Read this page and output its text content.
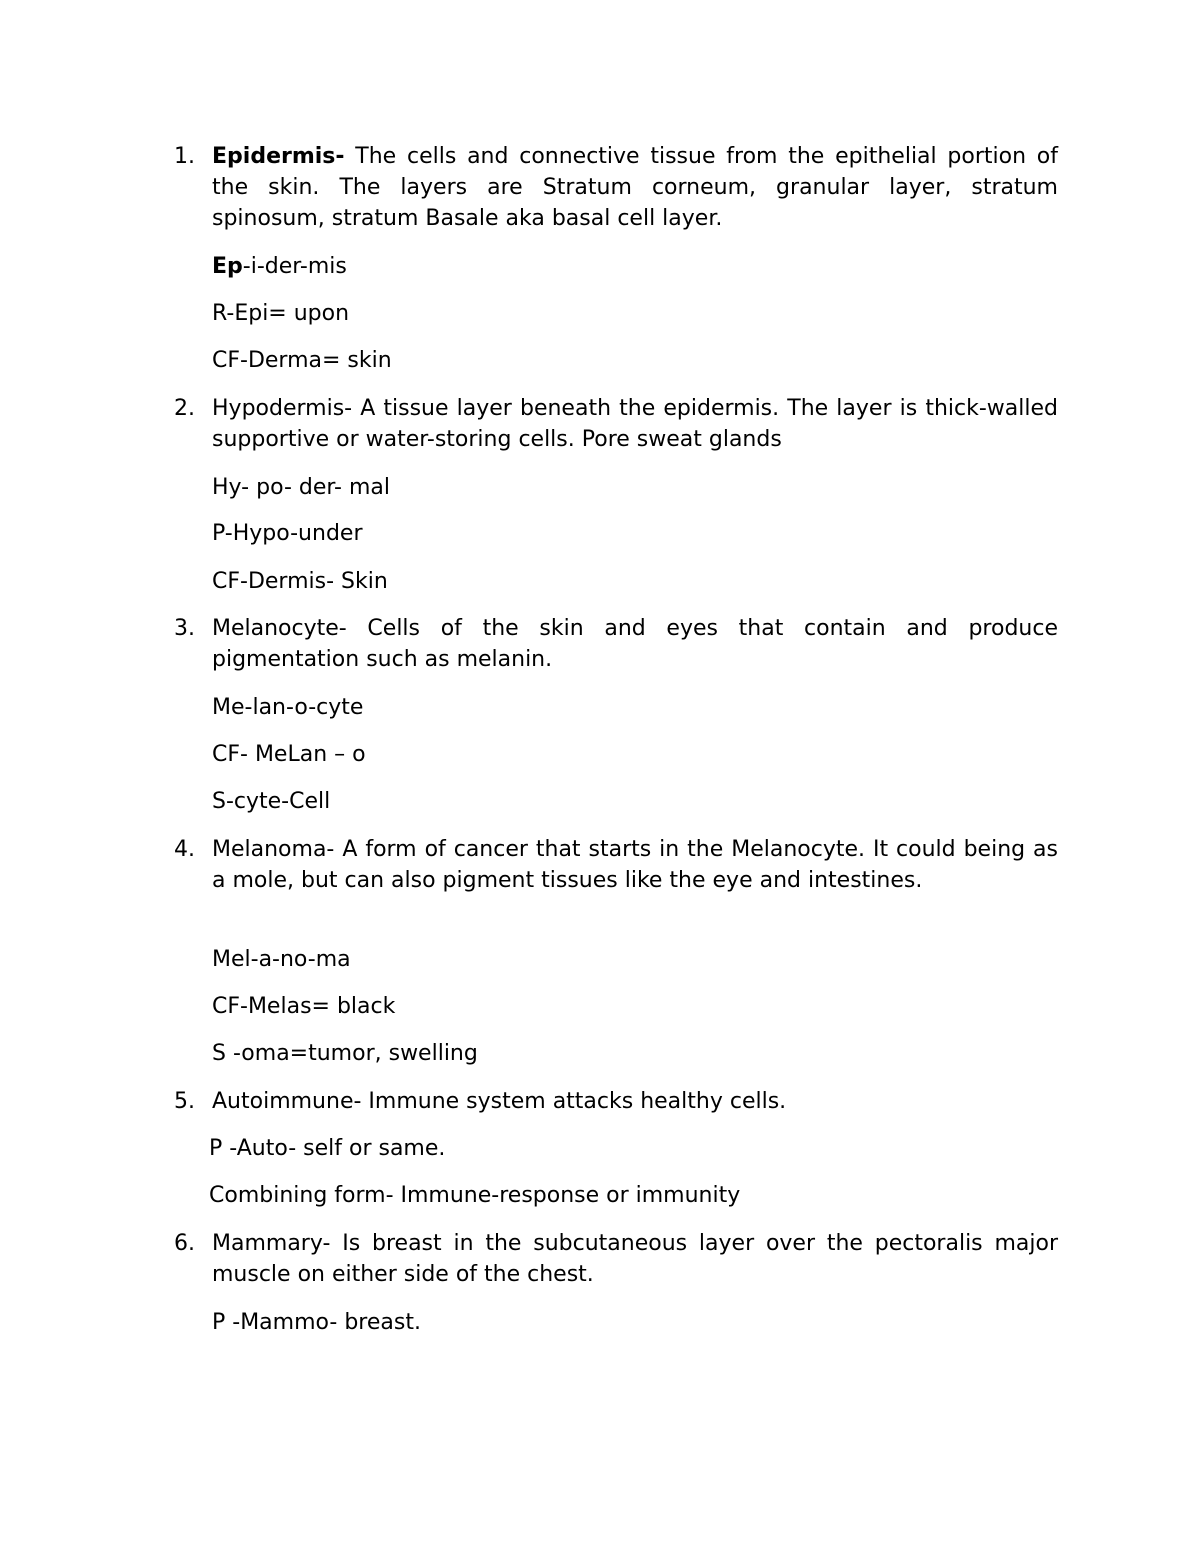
1. Epidermis- The cells and connective tissue from the epithelial portion of the skin. The layers are Stratum corneum, granular layer, stratum spinosum, stratum Basale aka basal cell layer.
Ep-i-der-mis
R-Epi= upon
CF-Derma= skin
2. Hypodermis- A tissue layer beneath the epidermis. The layer is thick-walled supportive or water-storing cells. Pore sweat glands
Hy- po- der- mal
P-Hypo-under
CF-Dermis- Skin
3. Melanocyte- Cells of the skin and eyes that contain and produce pigmentation such as melanin.
Me-lan-o-cyte
CF- MeLan – o
S-cyte-Cell
4. Melanoma- A form of cancer that starts in the Melanocyte. It could being as a mole, but can also pigment tissues like the eye and intestines.
Mel-a-no-ma
CF-Melas= black
S -oma=tumor, swelling
5. Autoimmune- Immune system attacks healthy cells.
P -Auto- self or same.
Combining form- Immune-response or immunity
6. Mammary- Is breast in the subcutaneous layer over the pectoralis major muscle on either side of the chest.
P -Mammo- breast.
